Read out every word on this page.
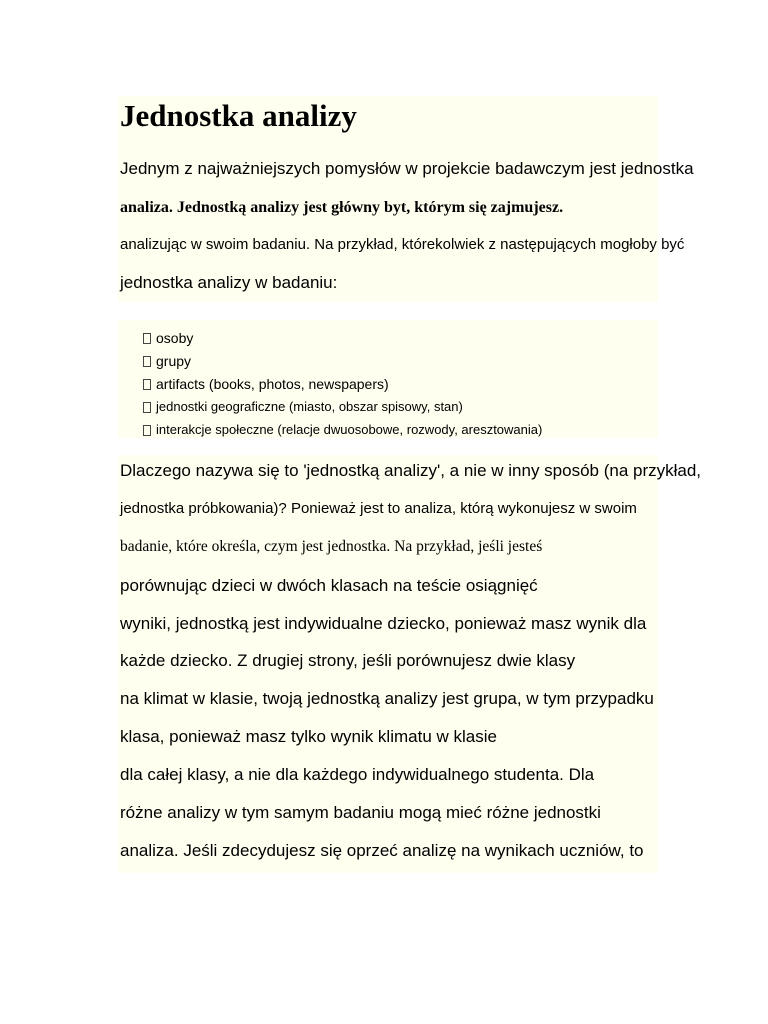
Jednostka analizy
Jednym z najważniejszych pomysłów w projekcie badawczym jest jednostka
analiza. Jednostką analizy jest główny byt, którym się zajmujesz.
analizując w swoim badaniu. Na przykład, którekolwiek z następujących mogłoby być
jednostka analizy w badaniu:
osoby
grupy
artifacts (books, photos, newspapers)
jednostki geograficzne (miasto, obszar spisowy, stan)
interakcje społeczne (relacje dwuosobowe, rozwody, aresztowania)
Dlaczego nazywa się to 'jednostką analizy', a nie w inny sposób (na przykład,
jednostka próbkowania)? Ponieważ jest to analiza, którą wykonujesz w swoim
badanie, które określa, czym jest jednostka. Na przykład, jeśli jesteś
porównując dzieci w dwóch klasach na teście osiągnięć
wyniki, jednostką jest indywidualne dziecko, ponieważ masz wynik dla
każde dziecko. Z drugiej strony, jeśli porównujesz dwie klasy
na klimat w klasie, twoją jednostką analizy jest grupa, w tym przypadku
klasa, ponieważ masz tylko wynik klimatu w klasie
dla całej klasy, a nie dla każdego indywidualnego studenta. Dla
różne analizy w tym samym badaniu mogą mieć różne jednostki
analiza. Jeśli zdecydujesz się oprzeć analizę na wynikach uczniów, to
